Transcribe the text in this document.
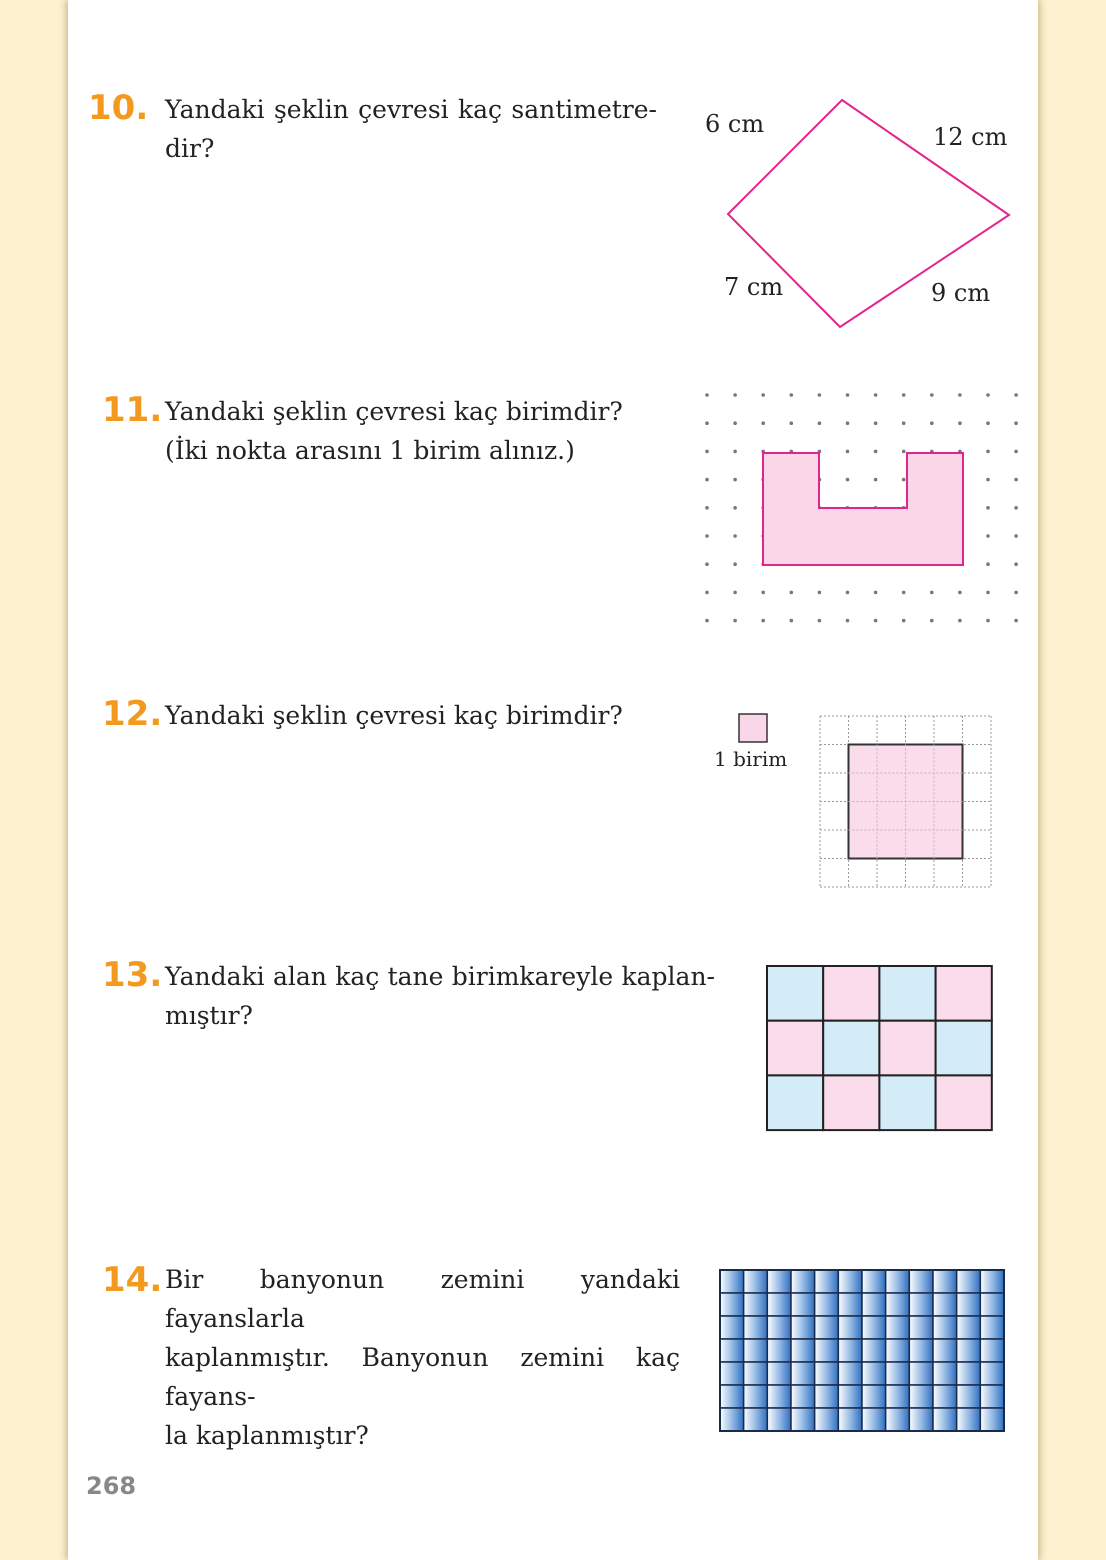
10. Yandaki şeklin çevresi kaç santimetre-
dir?
6 cm	12 cm
7 cm	9 cm
11. Yandaki şeklin çevresi kaç birimdir?
(İki nokta arasını 1 birim alınız.)
12. Yandaki şeklin çevresi kaç birimdir?
1 birim
13. Yandaki alan kaç tane birimkareyle kaplan-
mıştır?
14. Bir banyonun zemini yandaki fayanslarla
kaplanmıştır. Banyonun zemini kaç fayans-
la kaplanmıştır?
268
